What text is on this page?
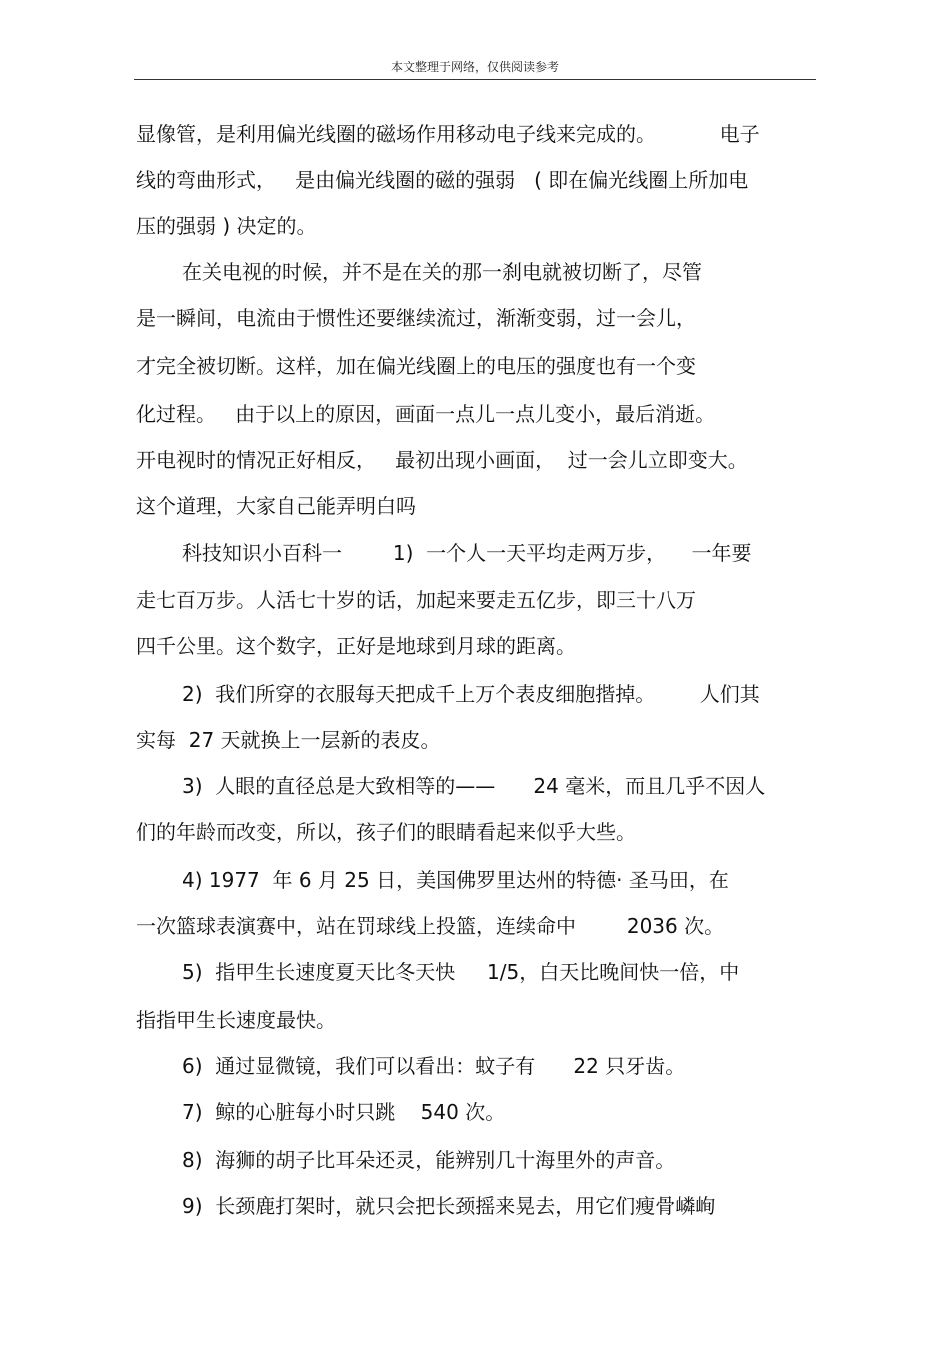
本文整理于网络，仅供阅读参考
显像管，是利用偏光线圈的磁场作用移动电子线来完成的。          电子
线的弯曲形式，   是由偏光线圈的磁的强弱   ( 即在偏光线圈上所加电
压的强弱 ) 决定的。
在关电视的时候，并不是在关的那一刹电就被切断了，尽管
是一瞬间，电流由于惯性还要继续流过，渐渐变弱，过一会儿，
才完全被切断。这样，加在偏光线圈上的电压的强度也有一个变
化过程。   由于以上的原因，画面一点儿一点儿变小，最后消逝。
开电视时的情况正好相反，   最初出现小画面，  过一会儿立即变大。
这个道理，大家自己能弄明白吗
科技知识小百科一        1)  一个人一天平均走两万步，    一年要
走七百万步。人活七十岁的话，加起来要走五亿步，即三十八万
四千公里。这个数字，正好是地球到月球的距离。
2)  我们所穿的衣服每天把成千上万个表皮细胞揩掉。       人们其
实每  27 天就换上一层新的表皮。
3)  人眼的直径总是大致相等的——      24 毫米，而且几乎不因人
们的年龄而改变，所以，孩子们的眼睛看起来似乎大些。
4) 1977  年 6 月 25 日，美国佛罗里达州的特德· 圣马田，在
一次篮球表演赛中，站在罚球线上投篮，连续命中        2036 次。
5)  指甲生长速度夏天比冬天快     1/5，白天比晚间快一倍，中
指指甲生长速度最快。
6)  通过显微镜，我们可以看出：蚊子有      22 只牙齿。
7)  鲸的心脏每小时只跳    540 次。
8)  海狮的胡子比耳朵还灵，能辨别几十海里外的声音。
9)  长颈鹿打架时，就只会把长颈摇来晃去，用它们瘦骨嶙峋
